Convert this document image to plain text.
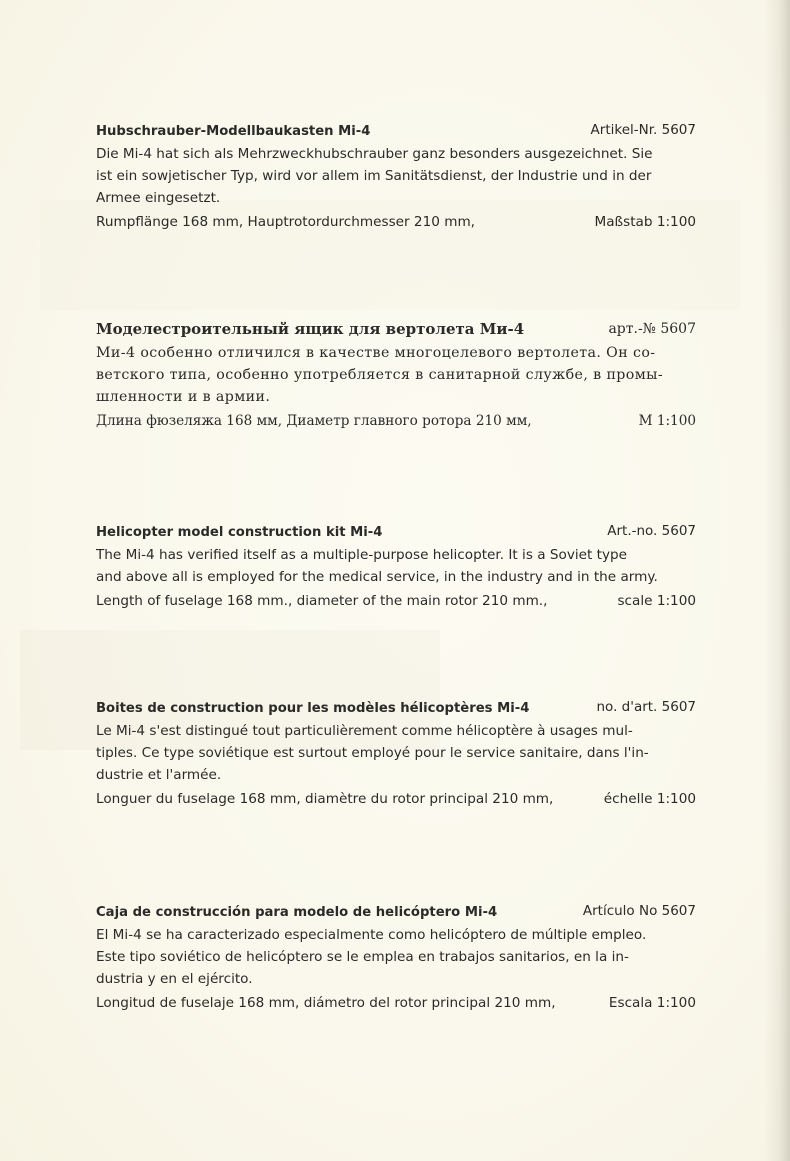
Hubschrauber-Modellbaukasten Mi-4	Artikel-Nr. 5607

Die Mi-4 hat sich als Mehrzweckhubschrauber ganz besonders ausgezeichnet. Sie
ist ein sowjetischer Typ, wird vor allem im Sanitätsdienst, der Industrie und in der
Armee eingesetzt.

Rumpflänge 168 mm, Hauptrotordurchmesser 210 mm,	Maßstab 1:100
Моделестроительный ящик для вертолета Ми-4	арт.-№ 5607

Ми-4 особенно отличился в качестве многоцелевого вертолета. Он со-
ветского типа, особенно употребляется в санитарной службе, в промы-
шленности и в армии.

Длина фюзеляжа 168 мм, Диаметр главного ротора 210 мм,	М 1:100
Helicopter model construction kit Mi-4	Art.-no. 5607

The Mi-4 has verified itself as a multiple-purpose helicopter. It is a Soviet type
and above all is employed for the medical service, in the industry and in the army.

Length of fuselage 168 mm., diameter of the main rotor 210 mm.,	scale 1:100
Boites de construction pour les modèles hélicoptères Mi-4	no. d'art. 5607

Le Mi-4 s'est distingué tout particulièrement comme hélicoptère à usages mul-
tiples. Ce type soviétique est surtout employé pour le service sanitaire, dans l'in-
dustrie et l'armée.

Longuer du fuselage 168 mm, diamètre du rotor principal 210 mm,	échelle 1:100
Caja de construcción para modelo de helicóptero Mi-4	Artículo No 5607

El Mi-4 se ha caracterizado especialmente como helicóptero de múltiple empleo.
Este tipo soviético de helicóptero se le emplea en trabajos sanitarios, en la in-
dustria y en el ejército.

Longitud de fuselaje 168 mm, diámetro del rotor principal 210 mm,	Escala 1:100
